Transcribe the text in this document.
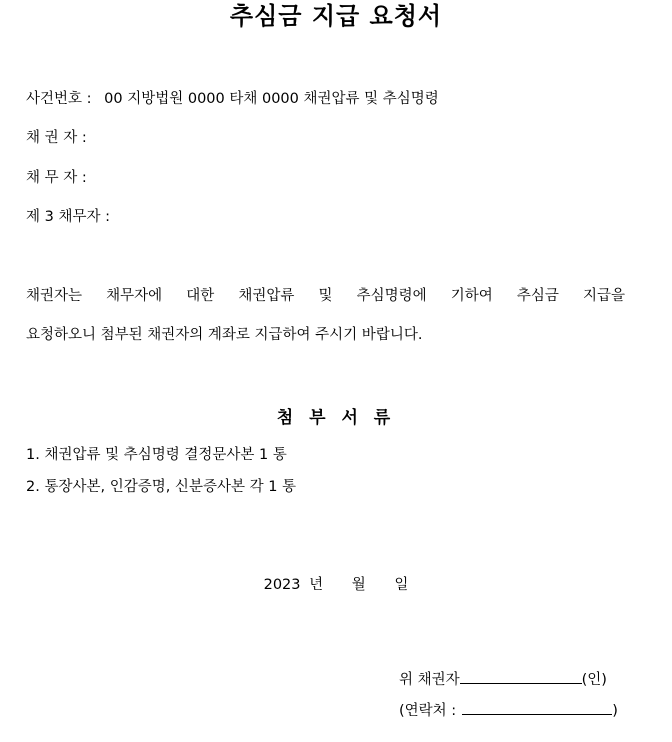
추심금 지급 요청서
사건번호 : 00 지방법원 0000 타채 0000 채권압류 및 추심명령
채 권 자 :
채 무 자 :
제 3 채무자 :
채권자는 채무자에 대한 채권압류 및 추심명령에 기하여 추심금 지급을
요청하오니 첨부된 채권자의 계좌로 지급하여 주시기 바랍니다.
첨 부 서 류
1. 채권압류 및 추심명령 결정문사본 1 통
2. 통장사본, 인감증명, 신분증사본 각 1 통
2023 년 월 일
위 채권자	(인)
(연락처 :	)
